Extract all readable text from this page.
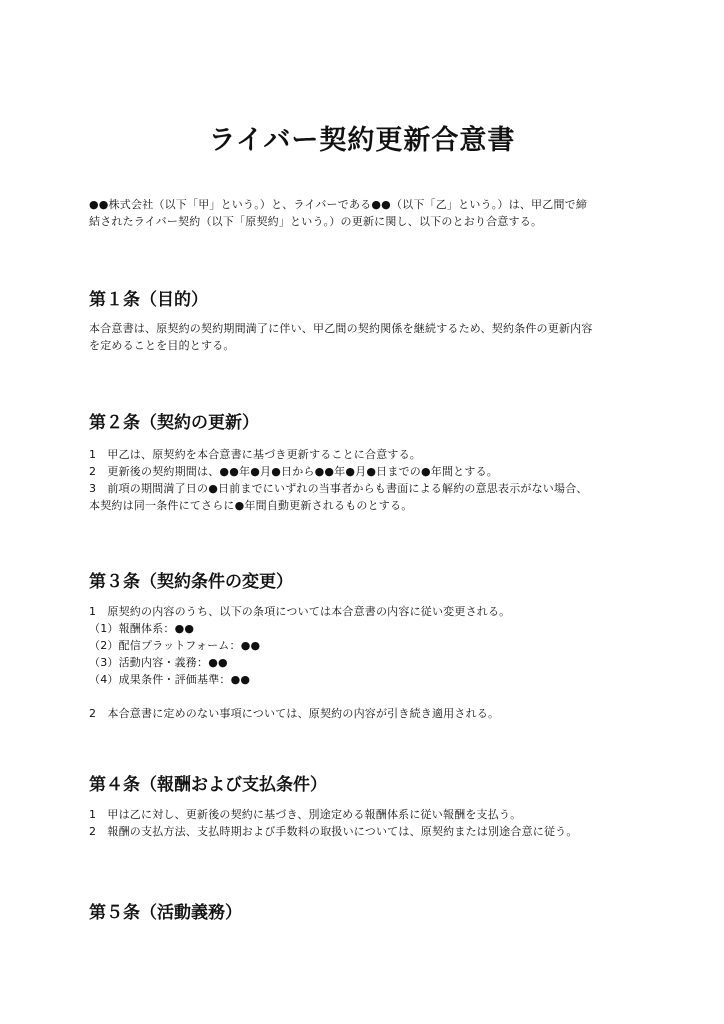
ライバー契約更新合意書

●●株式会社（以下「甲」という。）と、ライバーである●●（以下「乙」という。）は、甲乙間で締
結されたライバー契約（以下「原契約」という。）の更新に関し、以下のとおり合意する。

第１条（目的）

本合意書は、原契約の契約期間満了に伴い、甲乙間の契約関係を継続するため、契約条件の更新内容
を定めることを目的とする。

第２条（契約の更新）

1　甲乙は、原契約を本合意書に基づき更新することに合意する。
2　更新後の契約期間は、●●年●月●日から●●年●月●日までの●年間とする。
3　前項の期間満了日の●日前までにいずれの当事者からも書面による解約の意思表示がない場合、
本契約は同一条件にてさらに●年間自動更新されるものとする。

第３条（契約条件の変更）

1　原契約の内容のうち、以下の条項については本合意書の内容に従い変更される。
（1）報酬体系：●●
（2）配信プラットフォーム：●●
（3）活動内容・義務：●●
（4）成果条件・評価基準：●●
2　本合意書に定めのない事項については、原契約の内容が引き続き適用される。

第４条（報酬および支払条件）

1　甲は乙に対し、更新後の契約に基づき、別途定める報酬体系に従い報酬を支払う。
2　報酬の支払方法、支払時期および手数料の取扱いについては、原契約または別途合意に従う。

第５条（活動義務）
